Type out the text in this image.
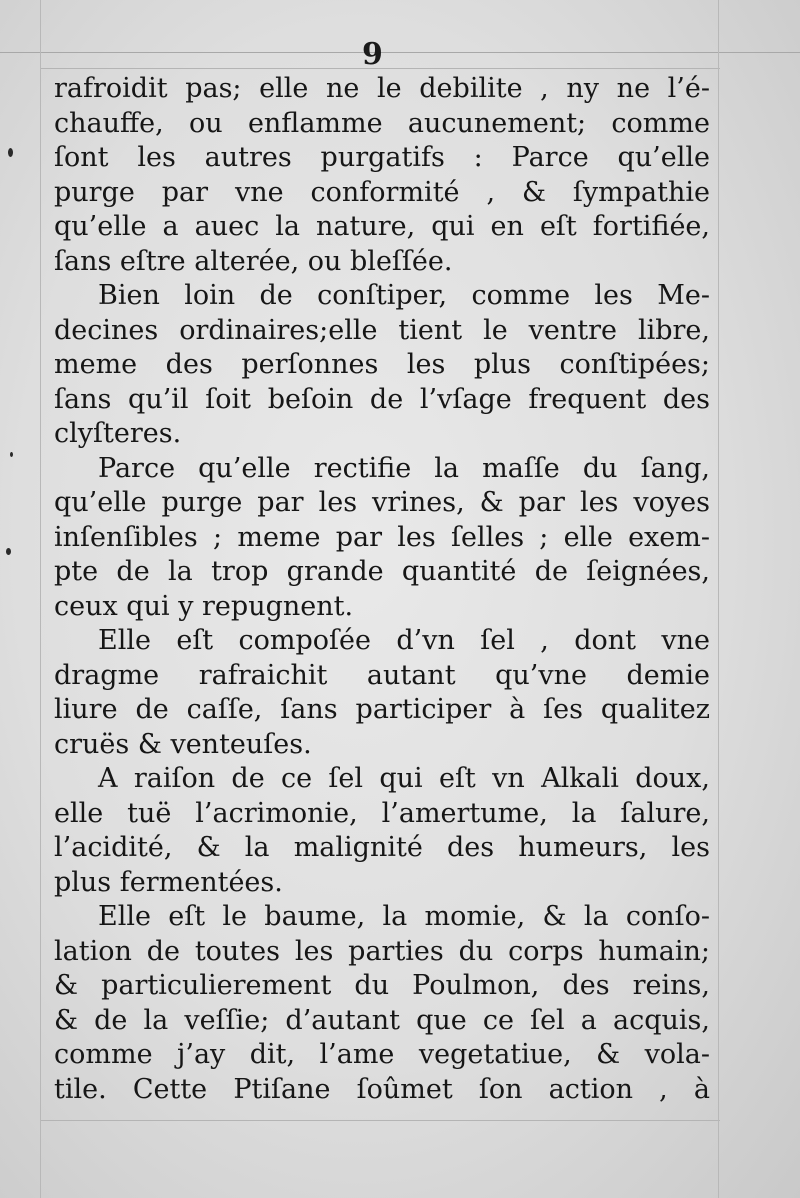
9
rafroidit pas; elle ne le debilite , ny ne l’é-
chauffe, ou enflamme aucunement; comme
ſont les autres purgatifs : Parce qu’elle
purge par vne conformité , & ſympathie
qu’elle a auec la nature, qui en eſt fortifiée,
ſans eſtre alterée, ou bleſſée.
Bien loin de conſtiper, comme les Me-
decines ordinaires;elle tient le ventre libre,
meme des perſonnes les plus conſtipées;
ſans qu’il ſoit beſoin de l’vſage frequent des
clyſteres.
Parce qu’elle rectifie la maſſe du ſang,
qu’elle purge par les vrines, & par les voyes
inſenſibles ; meme par les ſelles ; elle exem-
pte de la trop grande quantité de ſeignées,
ceux qui y repugnent.
Elle eſt compoſée d’vn ſel , dont vne
dragme rafraichit autant qu’vne demie
liure de caſſe, ſans participer à ſes qualitez
cruës & venteuſes.
A raiſon de ce ſel qui eſt vn Alkali doux,
elle tuë l’acrimonie, l’amertume, la ſalure,
l’acidité, & la malignité des humeurs, les
plus fermentées.
Elle eſt le baume, la momie, & la conſo-
lation de toutes les parties du corps humain;
& particulierement du Poulmon, des reins,
& de la veſſie; d’autant que ce ſel a acquis,
comme j’ay dit, l’ame vegetatiue, & vola-
tile. Cette Ptiſane ſoûmet ſon action , à
